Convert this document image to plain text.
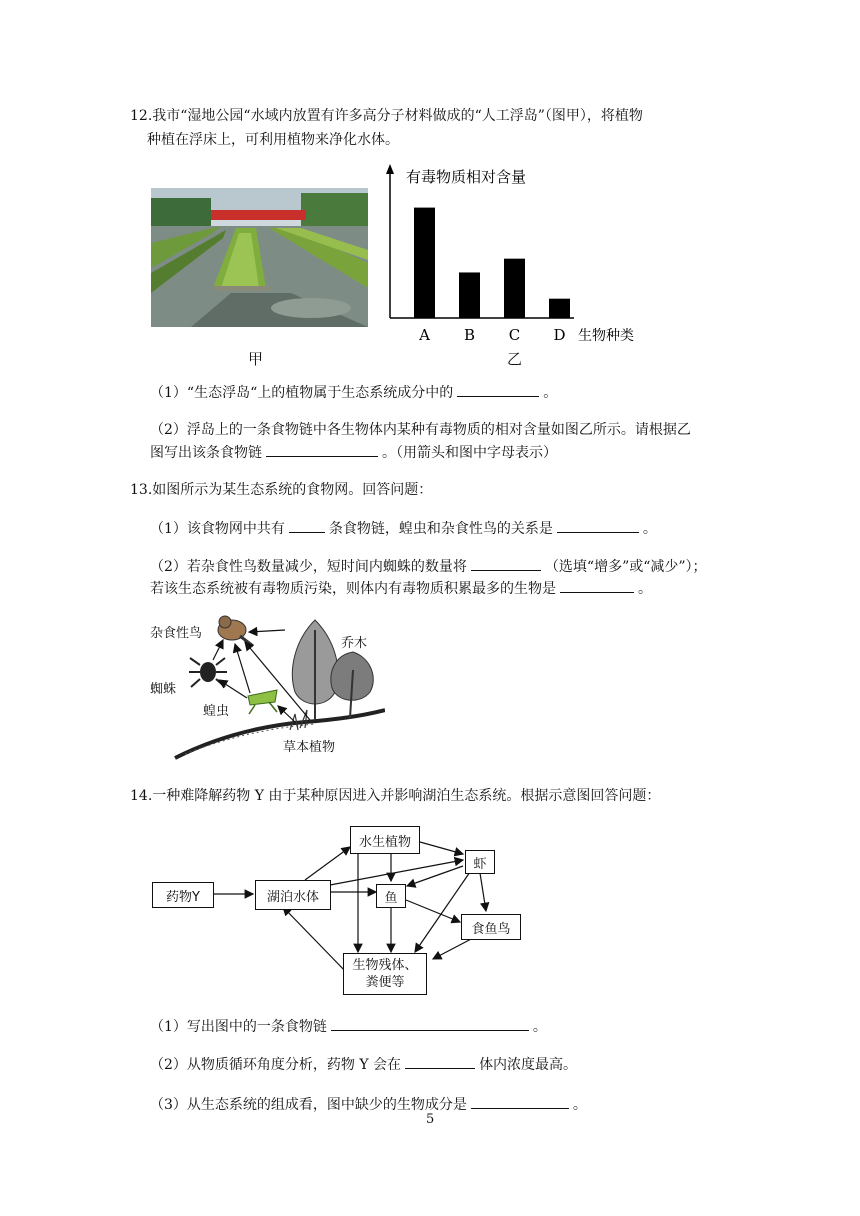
12.我市“湿地公园“水域内放置有许多高分子材料做成的“人工浮岛”（图甲），将植物
种植在浮床上，可利用植物来净化水体。
甲
有毒物质相对含量
生物种类
A B C D
乙
（1）“生态浮岛“上的植物属于生态系统成分中的	。
（2）浮岛上的一条食物链中各生物体内某种有毒物质的相对含量如图乙所示。请根据乙
图写出该条食物链	。（用箭头和图中字母表示）
13.如图所示为某生态系统的食物网。回答问题：
（1）该食物网中共有	条食物链，蝗虫和杂食性鸟的关系是	。
（2）若杂食性鸟数量减少，短时间内蜘蛛的数量将	（选填“增多”或“减少”）；
若该生态系统被有毒物质污染，则体内有毒物质积累最多的生物是	。
杂食性鸟
蜘蛛
蝗虫
乔木
草本植物
14.一种难降解药物 Y 由于某种原因进入并影响湖泊生态系统。根据示意图回答问题：
药物Y	湖泊水体
水生植物
鱼
虾
食鱼鸟
生物残体、
粪便等
（1）写出图中的一条食物链	。
（2）从物质循环角度分析，药物 Y 会在	体内浓度最高。
（3）从生态系统的组成看，图中缺少的生物成分是	。
5
